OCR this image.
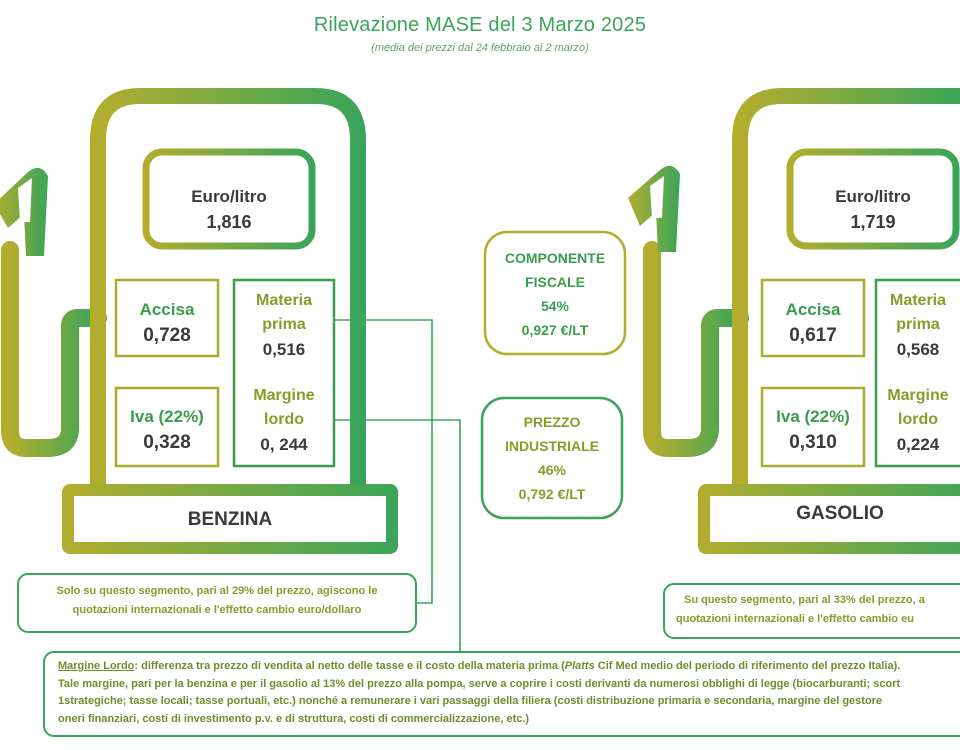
Rilevazione MASE del 3 Marzo 2025
(media dei prezzi dal 24 febbraio al 2 marzo)
Euro/litro
1,816
Accisa
0,728
Iva (22%)
0,328
Materia
prima
0,516
Margine
lordo
0, 244
BENZINA
Euro/litro
1,719
Accisa
0,617
Iva (22%)
0,310
Materia
prima
0,568
Margine
lordo
0,224
GASOLIO
COMPONENTE
FISCALE
54%
0,927 €/LT
PREZZO
INDUSTRIALE
46%
0,792 €/LT
Solo su questo segmento, pari al 29% del prezzo, agiscono le
quotazioni internazionali e l'effetto cambio euro/dollaro
Su questo segmento, pari al 33% del prezzo, a
quotazioni internazionali e l'effetto cambio eu
Margine Lordo: differenza tra prezzo di vendita al netto delle tasse e il costo della materia prima (Platts Cif Med medio del periodo di riferimento del prezzo Italia).
Tale margine, pari per la benzina e per il gasolio al 13% del prezzo alla pompa, serve a coprire i costi derivanti da numerosi obblighi di legge (biocarburanti; scort
1strategiche; tasse locali; tasse portuali, etc.) nonché a remunerare i vari passaggi della filiera (costi distribuzione primaria e secondaria, margine del gestore
oneri finanziari, costi di investimento p.v. e di struttura, costi di commercializzazione, etc.)
